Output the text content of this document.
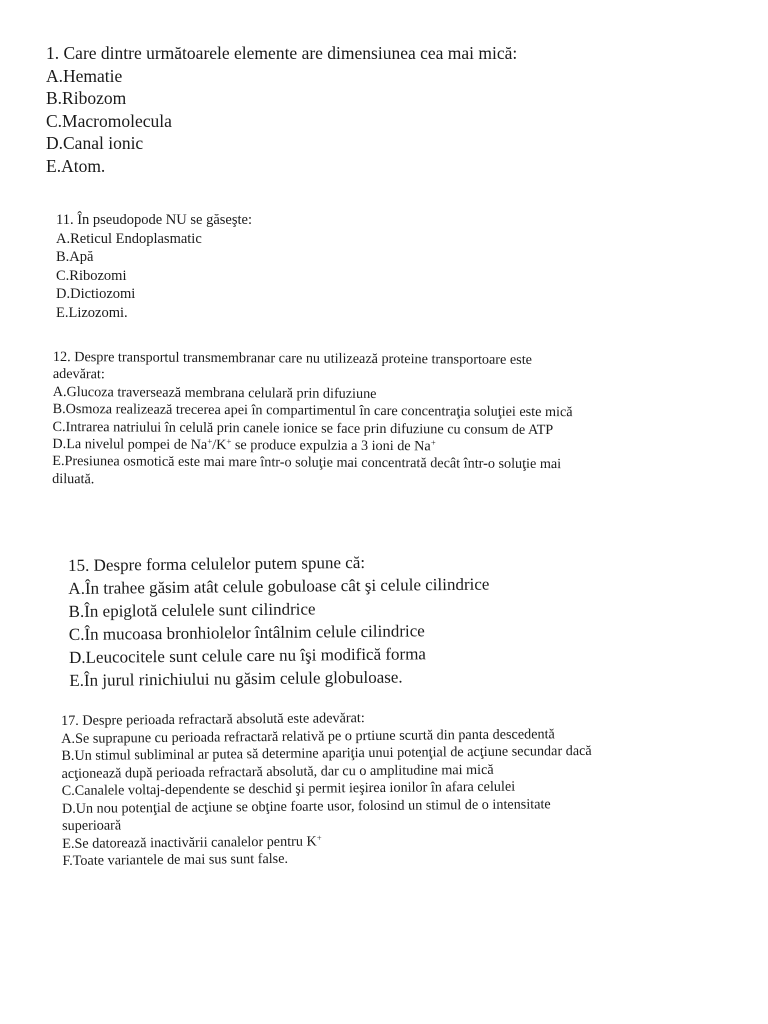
1. Care dintre următoarele elemente are dimensiunea cea mai mică:
A.Hematie
B.Ribozom
C.Macromolecula
D.Canal ionic
E.Atom.
11. În pseudopode NU se găseşte:
A.Reticul Endoplasmatic
B.Apă
C.Ribozomi
D.Dictiozomi
E.Lizozomi.
12. Despre transportul transmembranar care nu utilizează proteine transportoare este
adevărat:
A.Glucoza traversează membrana celulară prin difuziune
B.Osmoza realizează trecerea apei în compartimentul în care concentraţia soluţiei este mică
C.Intrarea natriului în celulă prin canele ionice se face prin difuziune cu consum de ATP
D.La nivelul pompei de Na+/K+ se produce expulzia a 3 ioni de Na+
E.Presiunea osmotică este mai mare într-o soluţie mai concentrată decât într-o soluţie mai
diluată.
15. Despre forma celulelor putem spune că:
A.În trahee găsim atât celule gobuloase cât şi celule cilindrice
B.În epiglotă celulele sunt cilindrice
C.În mucoasa bronhiolelor întâlnim celule cilindrice
D.Leucocitele sunt celule care nu îşi modifică forma
E.În jurul rinichiului nu găsim celule globuloase.
17. Despre perioada refractară absolută este adevărat:
A.Se suprapune cu perioada refractară relativă pe o prtiune scurtă din panta descedentă
B.Un stimul subliminal ar putea să determine apariţia unui potenţial de acţiune secundar dacă
acţionează după perioada refractară absolută, dar cu o amplitudine mai mică
C.Canalele voltaj-dependente se deschid şi permit ieşirea ionilor în afara celulei
D.Un nou potenţial de acţiune se obţine foarte usor, folosind un stimul de o intensitate
superioară
E.Se datorează inactivării canalelor pentru K+
F.Toate variantele de mai sus sunt false.
